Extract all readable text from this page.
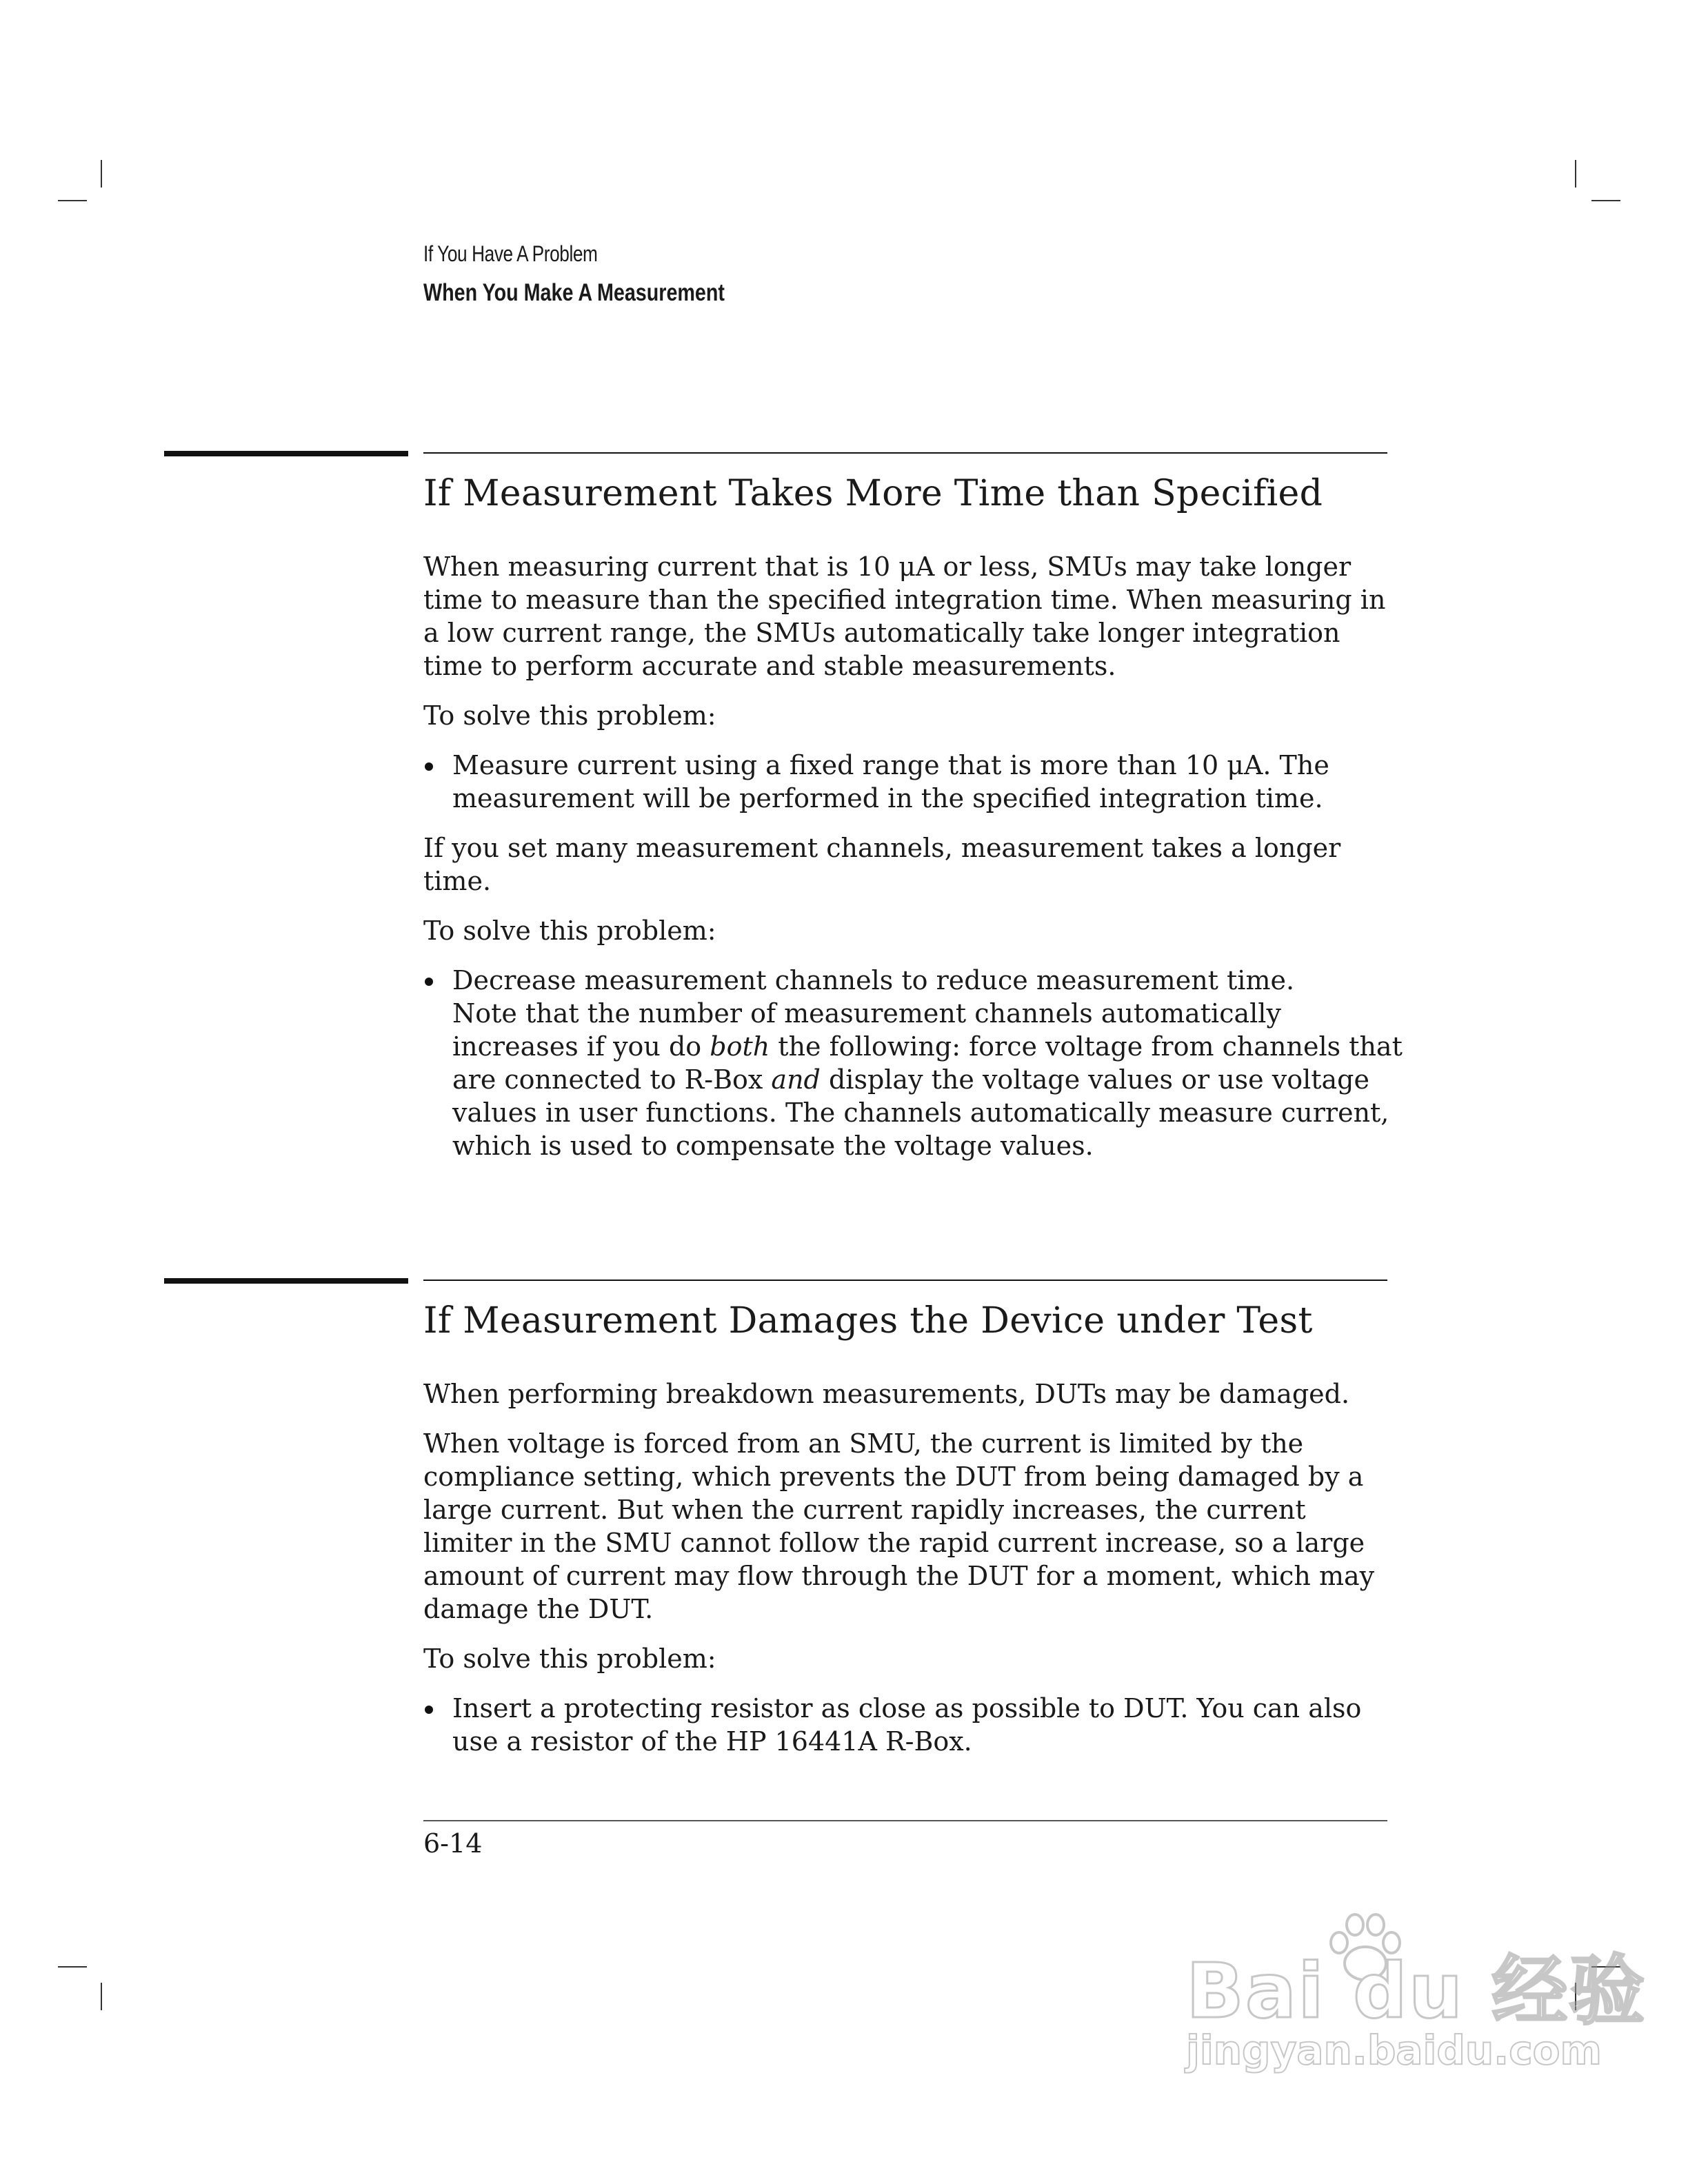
If You Have A Problem
When You Make A Measurement
If Measurement Takes More Time than Specified

When measuring current that is 10 μA or less, SMUs may take longer time to measure than the specified integration time. When measuring in a low current range, the SMUs automatically take longer integration time to perform accurate and stable measurements.

To solve this problem:

Measure current using a fixed range that is more than 10 μA. The measurement will be performed in the specified integration time.

If you set many measurement channels, measurement takes a longer time.

To solve this problem:

Decrease measurement channels to reduce measurement time.

Note that the number of measurement channels automatically increases if you do both the following: force voltage from channels that are connected to R-Box and display the voltage values or use voltage values in user functions. The channels automatically measure current, which is used to compensate the voltage values.

If Measurement Damages the Device under Test

When performing breakdown measurements, DUTs may be damaged.

When voltage is forced from an SMU, the current is limited by the compliance setting, which prevents the DUT from being damaged by a large current. But when the current rapidly increases, the current limiter in the SMU cannot follow the rapid current increase, so a large amount of current may flow through the DUT for a moment, which may damage the DUT.

To solve this problem:

Insert a protecting resistor as close as possible to DUT. You can also use a resistor of the HP 16441A R-Box.

6-14
Bai du 经验
jingyan.baidu.com
